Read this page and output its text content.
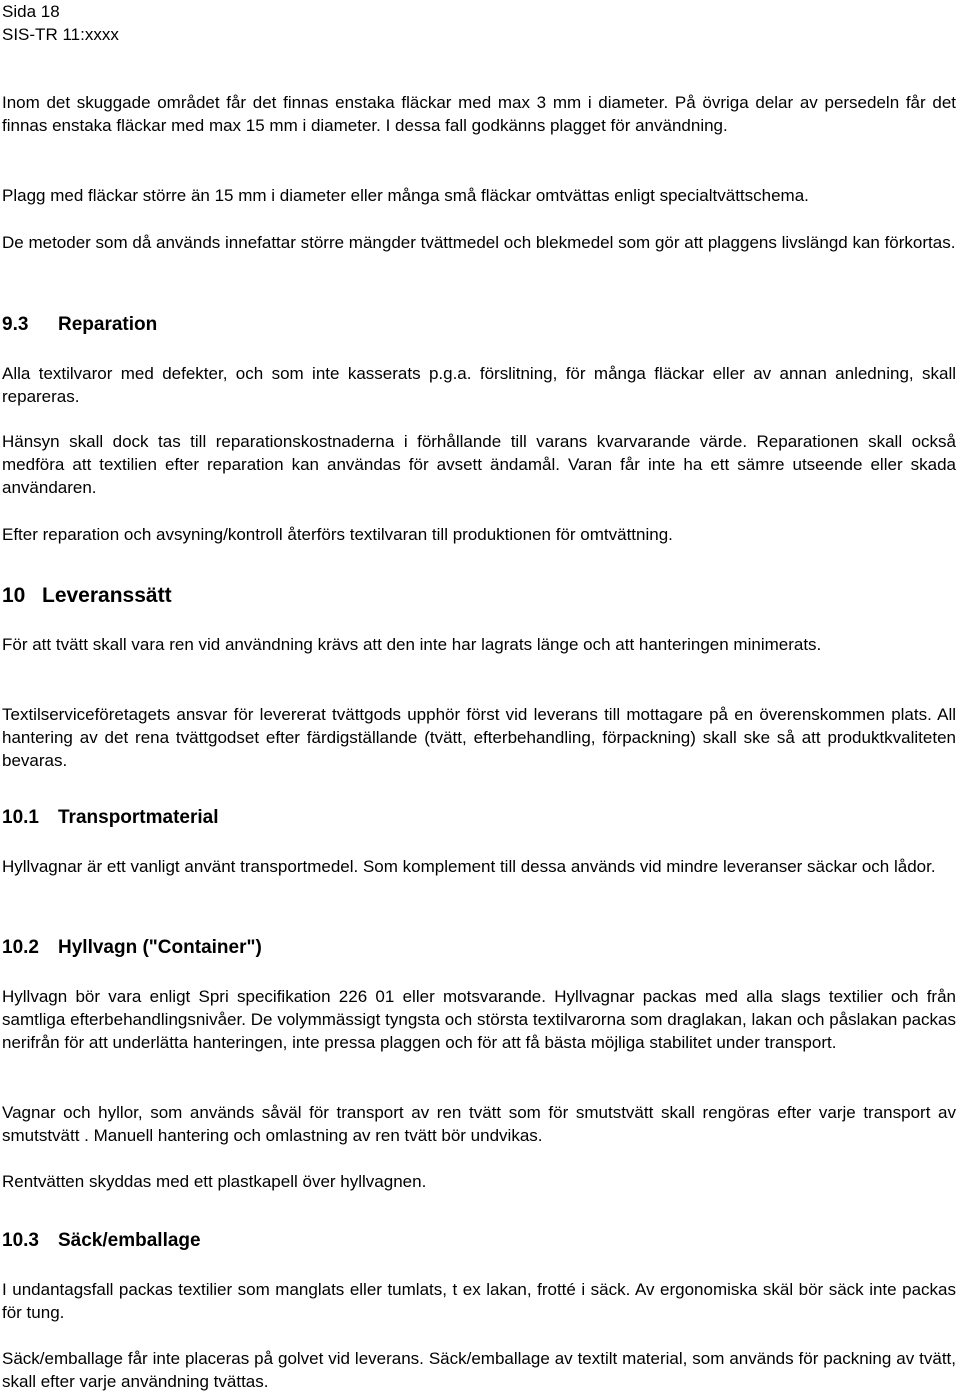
Sida 18
SIS-TR 11:xxxx

Inom det skuggade området får det finnas enstaka fläckar med max 3 mm i diameter. På övriga delar av persedeln får det finnas enstaka fläckar med max 15 mm i diameter. I dessa fall godkänns plagget för användning.

Plagg med fläckar större än 15 mm i diameter eller många små fläckar omtvättas enligt specialtvättschema.

De metoder som då används innefattar större mängder tvättmedel och blekmedel som gör att plaggens livslängd kan förkortas.

9.3 Reparation

Alla textilvaror med defekter, och som inte kasserats p.g.a. förslitning, för många fläckar eller av annan anledning, skall repareras.

Hänsyn skall dock tas till reparationskostnaderna i förhållande till varans kvarvarande värde. Reparationen skall också medföra att textilien efter reparation kan användas för avsett ändamål. Varan får inte ha ett sämre utseende eller skada användaren.

Efter reparation och avsyning/kontroll återförs textilvaran till produktionen för omtvättning.

10 Leveranssätt

För att tvätt skall vara ren vid användning krävs att den inte har lagrats länge och att hanteringen minimerats.

Textilserviceföretagets ansvar för levererat tvättgods upphör först vid leverans till mottagare på en överenskommen plats. All hantering av det rena tvättgodset efter färdigställande (tvätt, efterbehandling, förpackning) skall ske så att produktkvaliteten bevaras.

10.1 Transportmaterial

Hyllvagnar är ett vanligt använt transportmedel. Som komplement till dessa används vid mindre leveranser säckar och lådor.

10.2 Hyllvagn ("Container")

Hyllvagn bör vara enligt Spri specifikation 226 01 eller motsvarande. Hyllvagnar packas med alla slags textilier och från samtliga efterbehandlingsnivåer. De volymmässigt tyngsta och största textilvarorna som draglakan, lakan och påslakan packas nerifrån för att underlätta hanteringen, inte pressa plaggen och för att få bästa möjliga stabilitet under transport.

Vagnar och hyllor, som används såväl för transport av ren tvätt som för smutstvätt skall rengöras efter varje transport av smutstvätt . Manuell hantering och omlastning av ren tvätt bör undvikas.

Rentvätten skyddas med ett plastkapell över hyllvagnen.

10.3 Säck/emballage

I undantagsfall packas textilier som manglats eller tumlats, t ex lakan, frotté i säck. Av ergonomiska skäl bör säck inte packas för tung.

Säck/emballage får inte placeras på golvet vid leverans. Säck/emballage av textilt material, som används för packning av tvätt, skall efter varje användning tvättas.
